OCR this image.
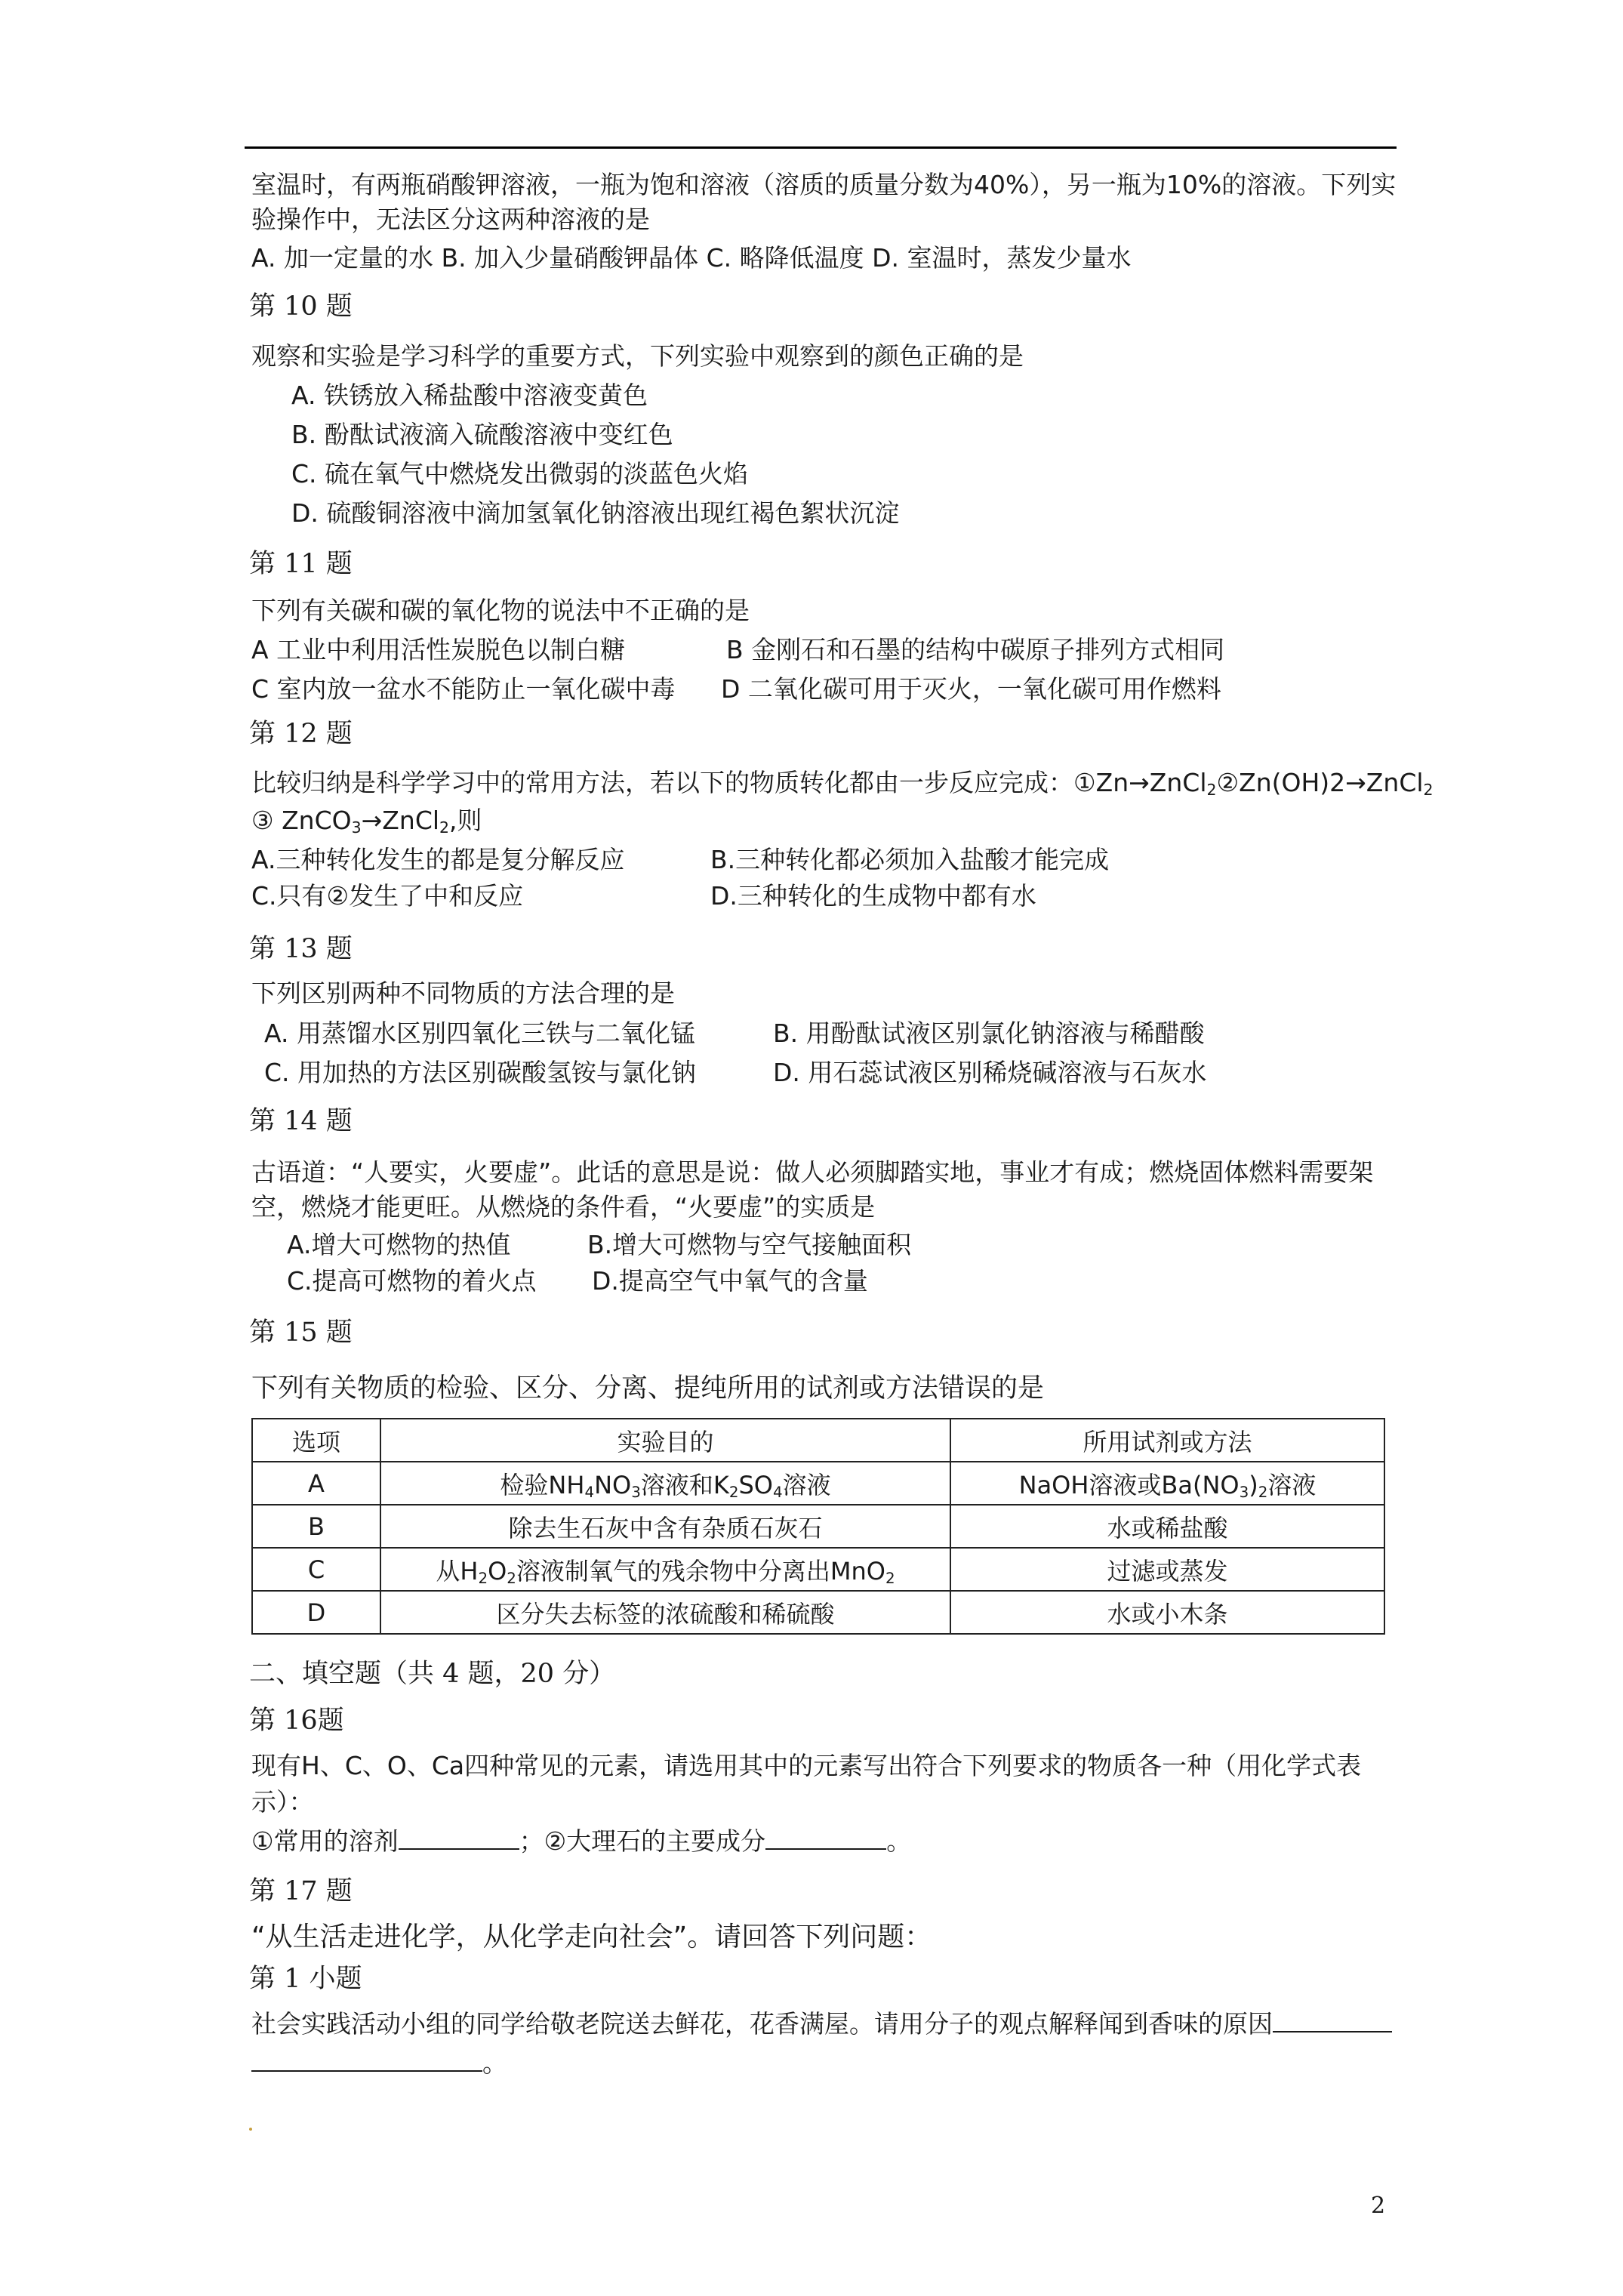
室温时，有两瓶硝酸钾溶液，一瓶为饱和溶液（溶质的质量分数为40%），另一瓶为10%的溶液。下列实
验操作中，无法区分这两种溶液的是
A. 加一定量的水 B. 加入少量硝酸钾晶体 C. 略降低温度 D. 室温时，蒸发少量水
第 10 题
观察和实验是学习科学的重要方式，下列实验中观察到的颜色正确的是
A. 铁锈放入稀盐酸中溶液变黄色
B. 酚酞试液滴入硫酸溶液中变红色
C. 硫在氧气中燃烧发出微弱的淡蓝色火焰
D. 硫酸铜溶液中滴加氢氧化钠溶液出现红褐色絮状沉淀
第 11 题
下列有关碳和碳的氧化物的说法中不正确的是
A 工业中利用活性炭脱色以制白糖	B 金刚石和石墨的结构中碳原子排列方式相同
C 室内放一盆水不能防止一氧化碳中毒 D 二氧化碳可用于灭火，一氧化碳可用作燃料
第 12 题
比较归纳是科学学习中的常用方法，若以下的物质转化都由一步反应完成：①Zn→ZnCl$_2$②Zn(OH)2→ZnCl$_2$
③ ZnCO$_3$→ZnCl$_2$,则
A.三种转化发生的都是复分解反应	B.三种转化都必须加入盐酸才能完成
C.只有②发生了中和反应	D.三种转化的生成物中都有水
第 13 题
下列区别两种不同物质的方法合理的是
A. 用蒸馏水区别四氧化三铁与二氧化锰	B. 用酚酞试液区别氯化钠溶液与稀醋酸
C. 用加热的方法区别碳酸氢铵与氯化钠	D. 用石蕊试液区别稀烧碱溶液与石灰水
第 14 题
古语道：“人要实，火要虚”。此话的意思是说：做人必须脚踏实地，事业才有成；燃烧固体燃料需要架
空，燃烧才能更旺。从燃烧的条件看，“火要虚”的实质是
A.增大可燃物的热值	B.增大可燃物与空气接触面积
C.提高可燃物的着火点 D.提高空气中氧气的含量
第 15 题
下列有关物质的检验、区分、分离、提纯所用的试剂或方法错误的是
选项	实验目的	所用试剂或方法
A	检验$NH_4NO_3$溶液和$K_2SO_4$溶液	NaOH溶液或$Ba(NO_3)_2$溶液
B	除去生石灰中含有杂质石灰石	水或稀盐酸
C	从$H_2O_2$溶液制氧气的残余物中分离出MnO$_2$	过滤或蒸发
D	区分失去标签的浓硫酸和稀硫酸	水或小木条
二、填空题（共 4 题，20 分）
第 16题
现有H、C、O、Ca四种常见的元素，请选用其中的元素写出符合下列要求的物质各一种（用化学式表
示）：
①常用的溶剂	；②大理石的主要成分	。
第 17 题
“从生活走进化学，从化学走向社会”。请回答下列问题：
第 1 小题
社会实践活动小组的同学给敬老院送去鲜花，花香满屋。请用分子的观点解释闻到香味的原因
。
2
